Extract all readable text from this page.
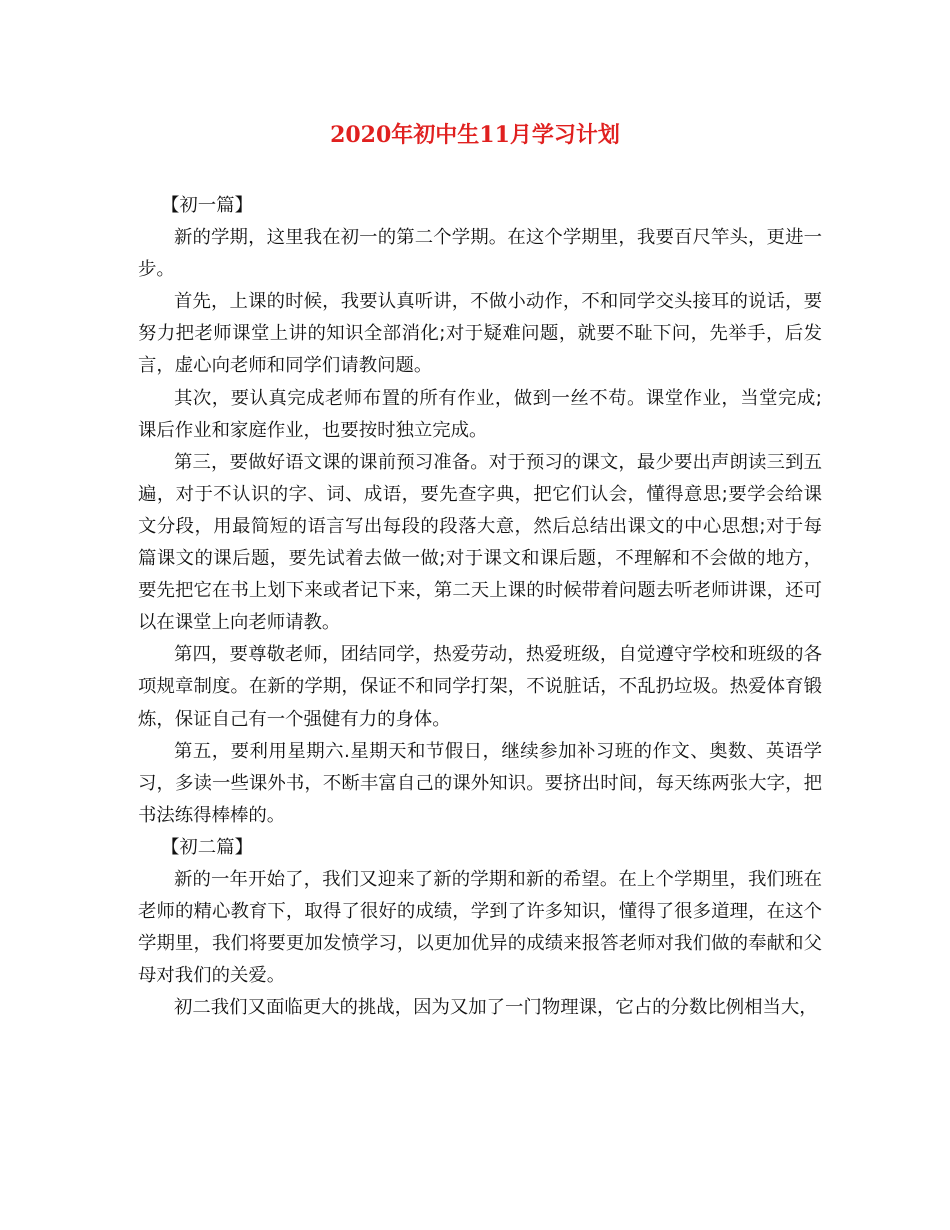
2020年初中生11月学习计划

【初一篇】

新的学期，这里我在初一的第二个学期。在这个学期里，我要百尺竿头，更进一步。

首先，上课的时候，我要认真听讲，不做小动作，不和同学交头接耳的说话，要努力把老师课堂上讲的知识全部消化;对于疑难问题，就要不耻下问，先举手，后发言，虚心向老师和同学们请教问题。

其次，要认真完成老师布置的所有作业，做到一丝不苟。课堂作业，当堂完成;课后作业和家庭作业，也要按时独立完成。

第三，要做好语文课的课前预习准备。对于预习的课文，最少要出声朗读三到五遍，对于不认识的字、词、成语，要先查字典，把它们认会，懂得意思;要学会给课文分段，用最简短的语言写出每段的段落大意，然后总结出课文的中心思想;对于每篇课文的课后题，要先试着去做一做;对于课文和课后题，不理解和不会做的地方，要先把它在书上划下来或者记下来，第二天上课的时候带着问题去听老师讲课，还可以在课堂上向老师请教。

第四，要尊敬老师，团结同学，热爱劳动，热爱班级，自觉遵守学校和班级的各项规章制度。在新的学期，保证不和同学打架，不说脏话，不乱扔垃圾。热爱体育锻炼，保证自己有一个强健有力的身体。

第五，要利用星期六.星期天和节假日，继续参加补习班的作文、奥数、英语学习，多读一些课外书，不断丰富自己的课外知识。要挤出时间，每天练两张大字，把书法练得棒棒的。

【初二篇】

新的一年开始了，我们又迎来了新的学期和新的希望。在上个学期里，我们班在老师的精心教育下，取得了很好的成绩，学到了许多知识，懂得了很多道理，在这个学期里，我们将要更加发愤学习，以更加优异的成绩来报答老师对我们做的奉献和父母对我们的关爱。

初二我们又面临更大的挑战，因为又加了一门物理课，它占的分数比例相当大，
